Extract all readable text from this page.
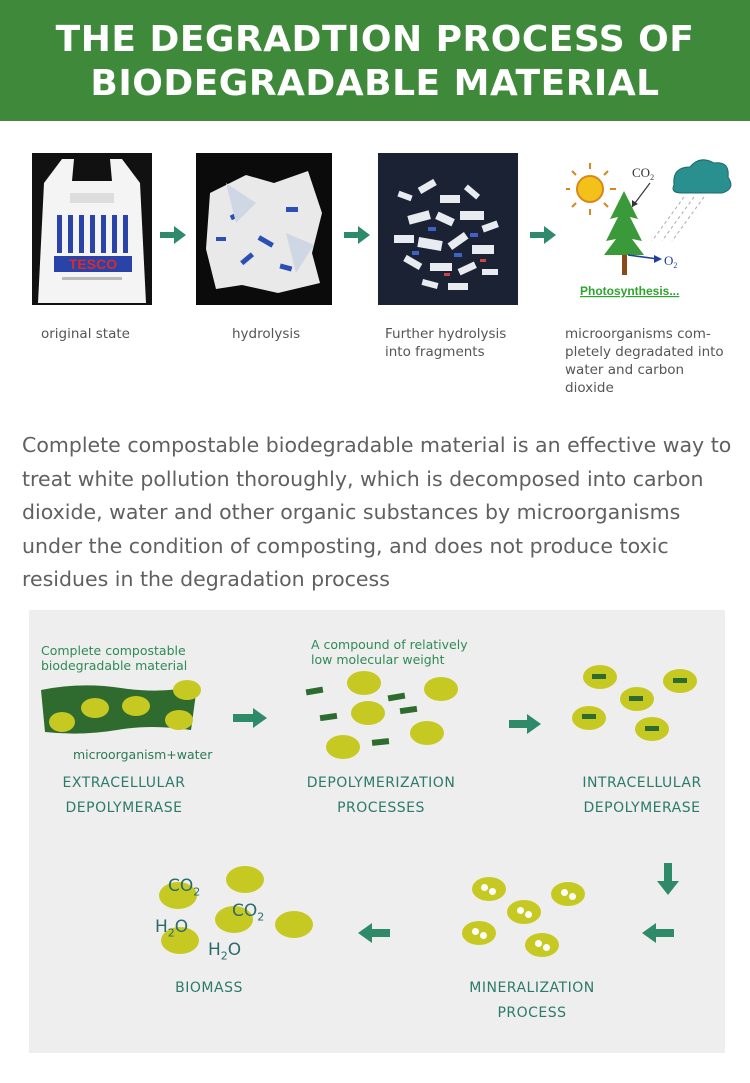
THE DEGRADTION PROCESS OF
BIODEGRADABLE MATERIAL
TESCO
$CO_2$
$O_2$
Photosynthesis...
original state	hydrolysis	Further hydrolysis
into fragments
microorganisms com-
pletely degradated into
water and carbon
dioxide
Complete compostable biodegradable material is an effective way to treat white pollution thoroughly, which is decomposed into carbon dioxide, water and other organic substances by microorganisms under the condition of composting, and does not produce toxic residues in the degradation process
Complete compostable
biodegradable material
microorganism+water
A compound of relatively
low molecular weight
EXTRACELLULAR
DEPOLYMERASE
DEPOLYMERIZATION
PROCESSES
INTRACELLULAR
DEPOLYMERASE
MINERALIZATION
PROCESS
$CO_2$
$CO_2$
$H_2O$
$H_2O$
BIOMASS
